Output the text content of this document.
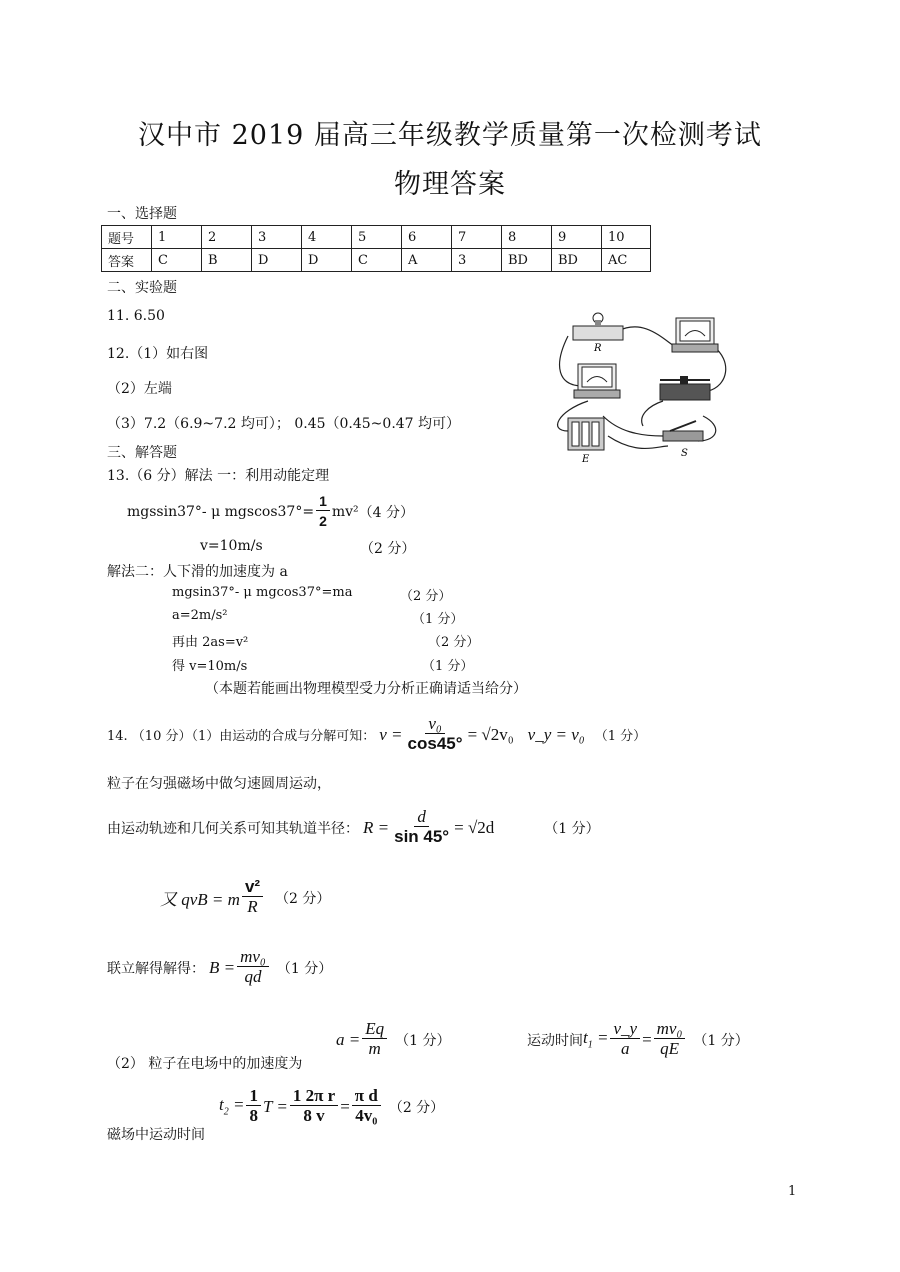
汉中市 2019 届高三年级教学质量第一次检测考试
物理答案
一、选择题
题号	1	2	3	4	5	6	7	8	9	10
答案	C	B	D	D	C	A	3	BD	BD	AC
二、实验题
11. 6.50
12.（1）如右图
（2）左端
（3）7.2（6.9~7.2 均可）； 0.45（0.45~0.47 均可）
R
E
S
三、解答题
13.（6 分）解法 一：利用动能定理
mgssin37°- μ $mgscos37^\circ= \frac{1}{2} mv^2$ （4 分）
v=10m/s	（2 分）
解法二：人下滑的加速度为 a
mgsin37°- μ mgcos37°=ma	（2 分）
a=2m/s²	（1 分）
再由 2as=v²	（2 分）
得 v=10m/s	（1 分）
（本题若能画出物理模型受力分析正确请适当给分）
14. （10 分）（1）由运动的合成与分解可知： $v = \frac{\text{v₀}}{\cos 45^\circ} = √2v_0$ v_y = v₀ （1 分）
粒子在匀强磁场中做匀速圆周运动，
由运动轨迹和几何关系可知其轨道半径： $R = \frac{d}{\sin 45^\circ} = √2d$	（1 分）
又 qvB = m $\frac{\text{v²}}{R} (2$ 分）
联立解得解得： $B = \frac{\text{mv₀}}{qd} (1$ 分）
（2） 粒子在电场中的加速度为
$a = \frac{Eq}{m} (1$ 分）	运动时间 $t_1 = \frac{v\_y}{a} = \frac{\text{mv₀}}{qE} (1$ 分）
$t_2 = \frac{1}{8}$ $T = \frac{\text{1 2π r}}{8 v} = \frac{\text{π d}}{\text{4v₀}} (2$ 分）
磁场中运动时间
1
